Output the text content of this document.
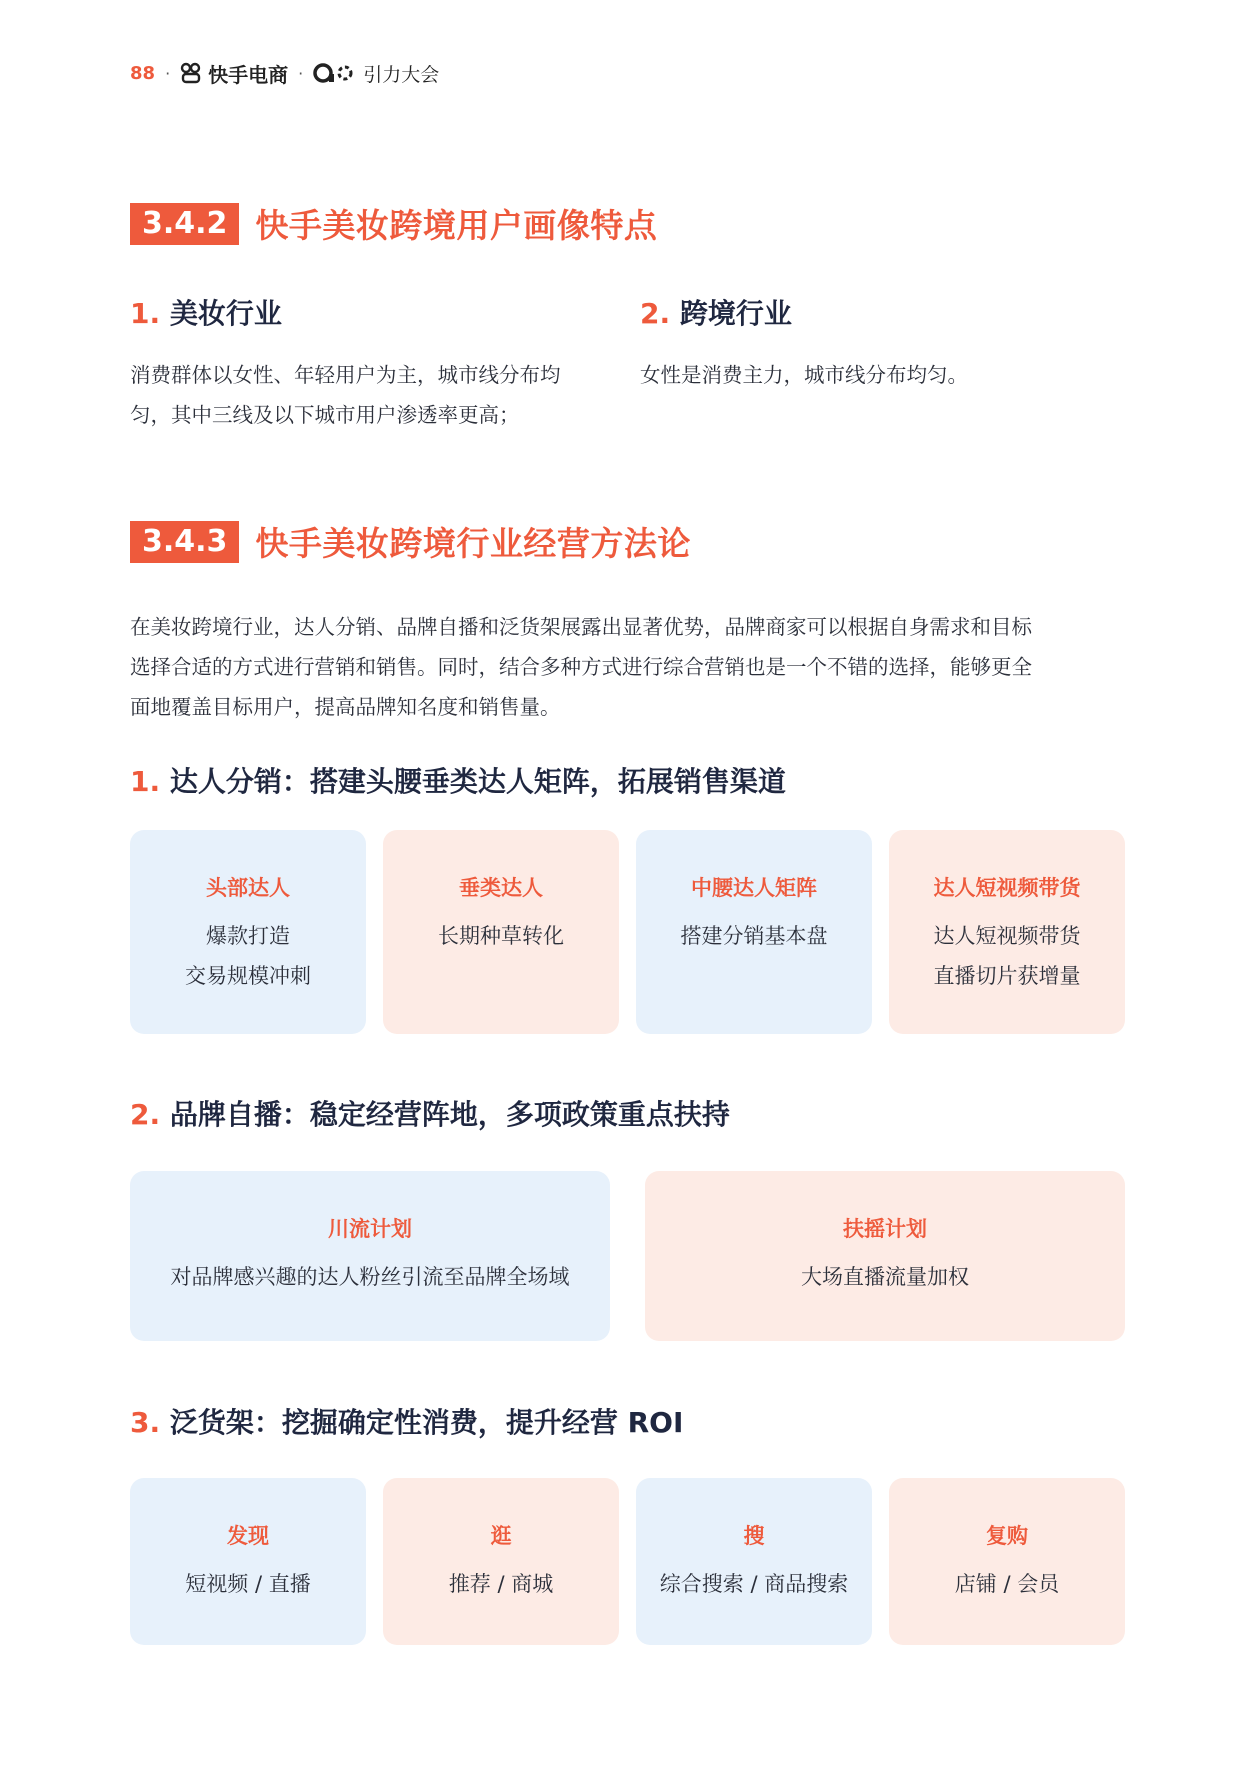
88 · 快手电商 ·	引力大会
3.4.2 快手美妆跨境用户画像特点
1. 美妆行业
消费群体以女性、年轻用户为主，城市线分布均
匀，其中三线及以下城市用户渗透率更高；
2. 跨境行业
女性是消费主力，城市线分布均匀。
3.4.3 快手美妆跨境行业经营方法论
在美妆跨境行业，达人分销、品牌自播和泛货架展露出显著优势，品牌商家可以根据自身需求和目标
选择合适的方式进行营销和销售。同时，结合多种方式进行综合营销也是一个不错的选择，能够更全
面地覆盖目标用户，提高品牌知名度和销售量。
1. 达人分销：搭建头腰垂类达人矩阵，拓展销售渠道
头部达人
爆款打造
交易规模冲刺
垂类达人
长期种草转化
中腰达人矩阵
搭建分销基本盘
达人短视频带货
达人短视频带货
直播切片获增量
2. 品牌自播：稳定经营阵地，多项政策重点扶持
川流计划
对品牌感兴趣的达人粉丝引流至品牌全场域
扶摇计划
大场直播流量加权
3. 泛货架：挖掘确定性消费，提升经营 ROI
发现
短视频 / 直播
逛
推荐 / 商城
搜
综合搜索 / 商品搜索
复购
店铺 / 会员
